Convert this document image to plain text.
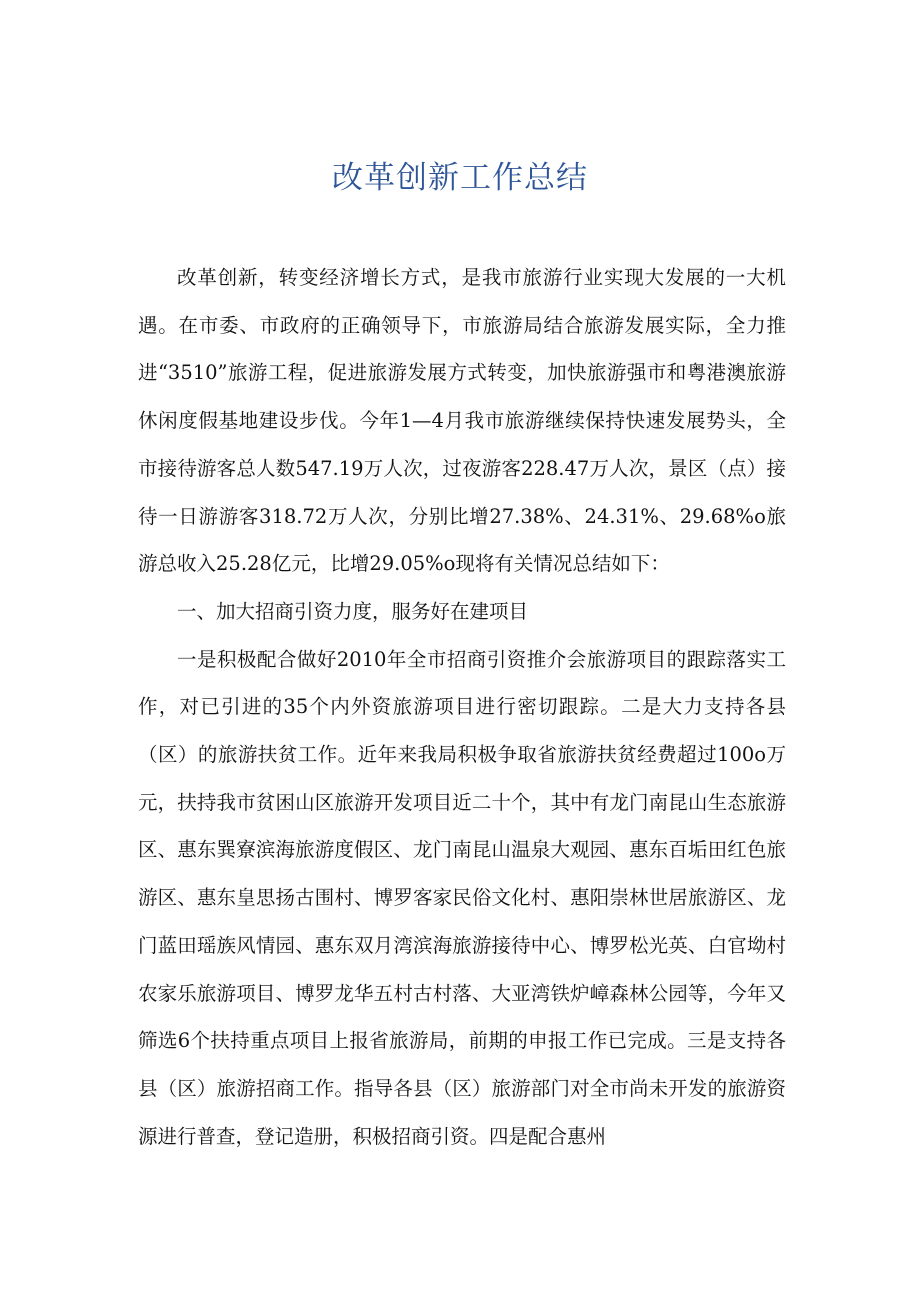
改革创新工作总结

改革创新，转变经济增长方式，是我市旅游行业实现大发展的一大机遇。在市委、市政府的正确领导下，市旅游局结合旅游发展实际，全力推进“3510”旅游工程，促进旅游发展方式转变，加快旅游强市和粤港澳旅游休闲度假基地建设步伐。今年1—4月我市旅游继续保持快速发展势头，全市接待游客总人数547.19万人次，过夜游客228.47万人次，景区（点）接待一日游游客318.72万人次，分别比增27.38%、24.31%、29.68%o旅游总收入25.28亿元，比增29.05%o现将有关情况总结如下：

一、加大招商引资力度，服务好在建项目

一是积极配合做好2010年全市招商引资推介会旅游项目的跟踪落实工作，对已引进的35个内外资旅游项目进行密切跟踪。二是大力支持各县（区）的旅游扶贫工作。近年来我局积极争取省旅游扶贫经费超过100o万元，扶持我市贫困山区旅游开发项目近二十个，其中有龙门南昆山生态旅游区、惠东巽寮滨海旅游度假区、龙门南昆山温泉大观园、惠东百垢田红色旅游区、惠东皇思扬古围村、博罗客家民俗文化村、惠阳崇林世居旅游区、龙门蓝田瑶族风情园、惠东双月湾滨海旅游接待中心、博罗松光英、白官坳村农家乐旅游项目、博罗龙华五村古村落、大亚湾铁炉嶂森林公园等，今年又筛选6个扶持重点项目上报省旅游局，前期的申报工作已完成。三是支持各县（区）旅游招商工作。指导各县（区）旅游部门对全市尚未开发的旅游资源进行普查，登记造册，积极招商引资。四是配合惠州
